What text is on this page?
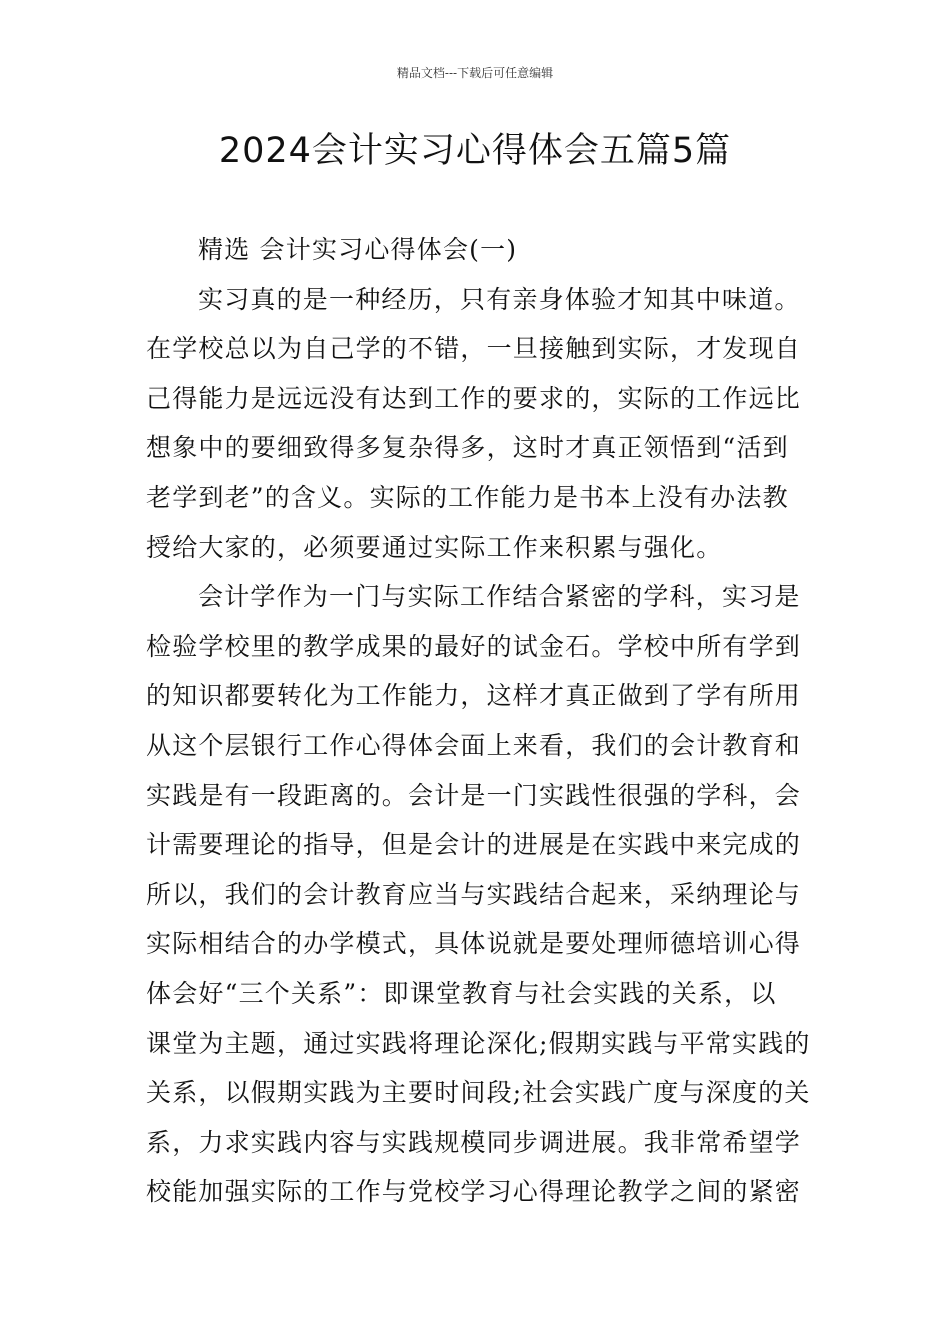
精品文档---下载后可任意编辑
2024会计实习心得体会五篇5篇
精选 会计实习心得体会(一)
实习真的是一种经历，只有亲身体验才知其中味道。
在学校总以为自己学的不错，一旦接触到实际，才发现自
己得能力是远远没有达到工作的要求的，实际的工作远比
想象中的要细致得多复杂得多，这时才真正领悟到“活到
老学到老”的含义。实际的工作能力是书本上没有办法教
授给大家的，必须要通过实际工作来积累与强化。
会计学作为一门与实际工作结合紧密的学科，实习是
检验学校里的教学成果的最好的试金石。学校中所有学到
的知识都要转化为工作能力，这样才真正做到了学有所用
从这个层银行工作心得体会面上来看，我们的会计教育和
实践是有一段距离的。会计是一门实践性很强的学科，会
计需要理论的指导，但是会计的进展是在实践中来完成的
所以，我们的会计教育应当与实践结合起来，采纳理论与
实际相结合的办学模式，具体说就是要处理师德培训心得
体会好“三个关系”：即课堂教育与社会实践的关系，以
课堂为主题，通过实践将理论深化;假期实践与平常实践的
关系，以假期实践为主要时间段;社会实践广度与深度的关
系，力求实践内容与实践规模同步调进展。我非常希望学
校能加强实际的工作与党校学习心得理论教学之间的紧密
